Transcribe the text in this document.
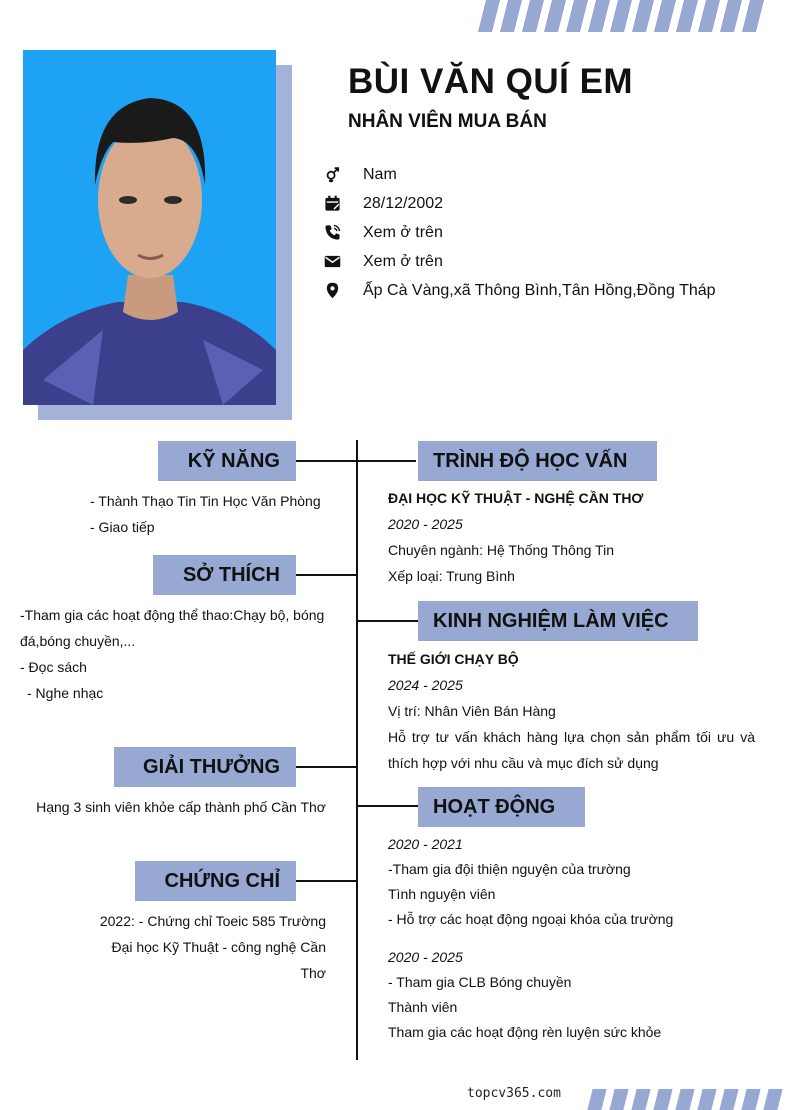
BÙI VĂN QUÍ EM
NHÂN VIÊN MUA BÁN
Nam
28/12/2002
Xem ở trên
Xem ở trên
Ấp Cà Vàng,xã Thông Bình,Tân Hồng,Đồng Tháp
KỸ NĂNG
- Thành Thạo Tin Tin Học Văn Phòng
- Giao tiếp
SỞ THÍCH
-Tham gia các hoạt động thể thao:Chạy bộ, bóng đá,bóng chuyền,...
- Đọc sách
- Nghe nhạc
GIẢI THƯỞNG
Hạng 3 sinh viên khỏe cấp thành phố Cần Thơ
CHỨNG CHỈ
2022: - Chứng chỉ Toeic 585 Trường Đại học Kỹ Thuật - công nghệ Cần Thơ
TRÌNH ĐỘ HỌC VẤN
ĐẠI HỌC KỸ THUẬT - NGHỆ CẦN THƠ
2020 - 2025
Chuyên ngành: Hệ Thống Thông Tin
Xếp loại: Trung Bình
KINH NGHIỆM LÀM VIỆC
THẾ GIỚI CHẠY BỘ
2024 - 2025
Vị trí: Nhân Viên Bán Hàng
Hỗ trợ tư vấn khách hàng lựa chọn sản phẩm tối ưu và thích hợp với nhu cầu và mục đích sử dụng
HOẠT ĐỘNG
2020 - 2021
-Tham gia đội thiện nguyện của trường
Tình nguyện viên
- Hỗ trợ các hoạt động ngoại khóa của trường
2020 - 2025
- Tham gia CLB Bóng chuyền
Thành viên
Tham gia các hoạt động rèn luyện sức khỏe
topcv365.com
